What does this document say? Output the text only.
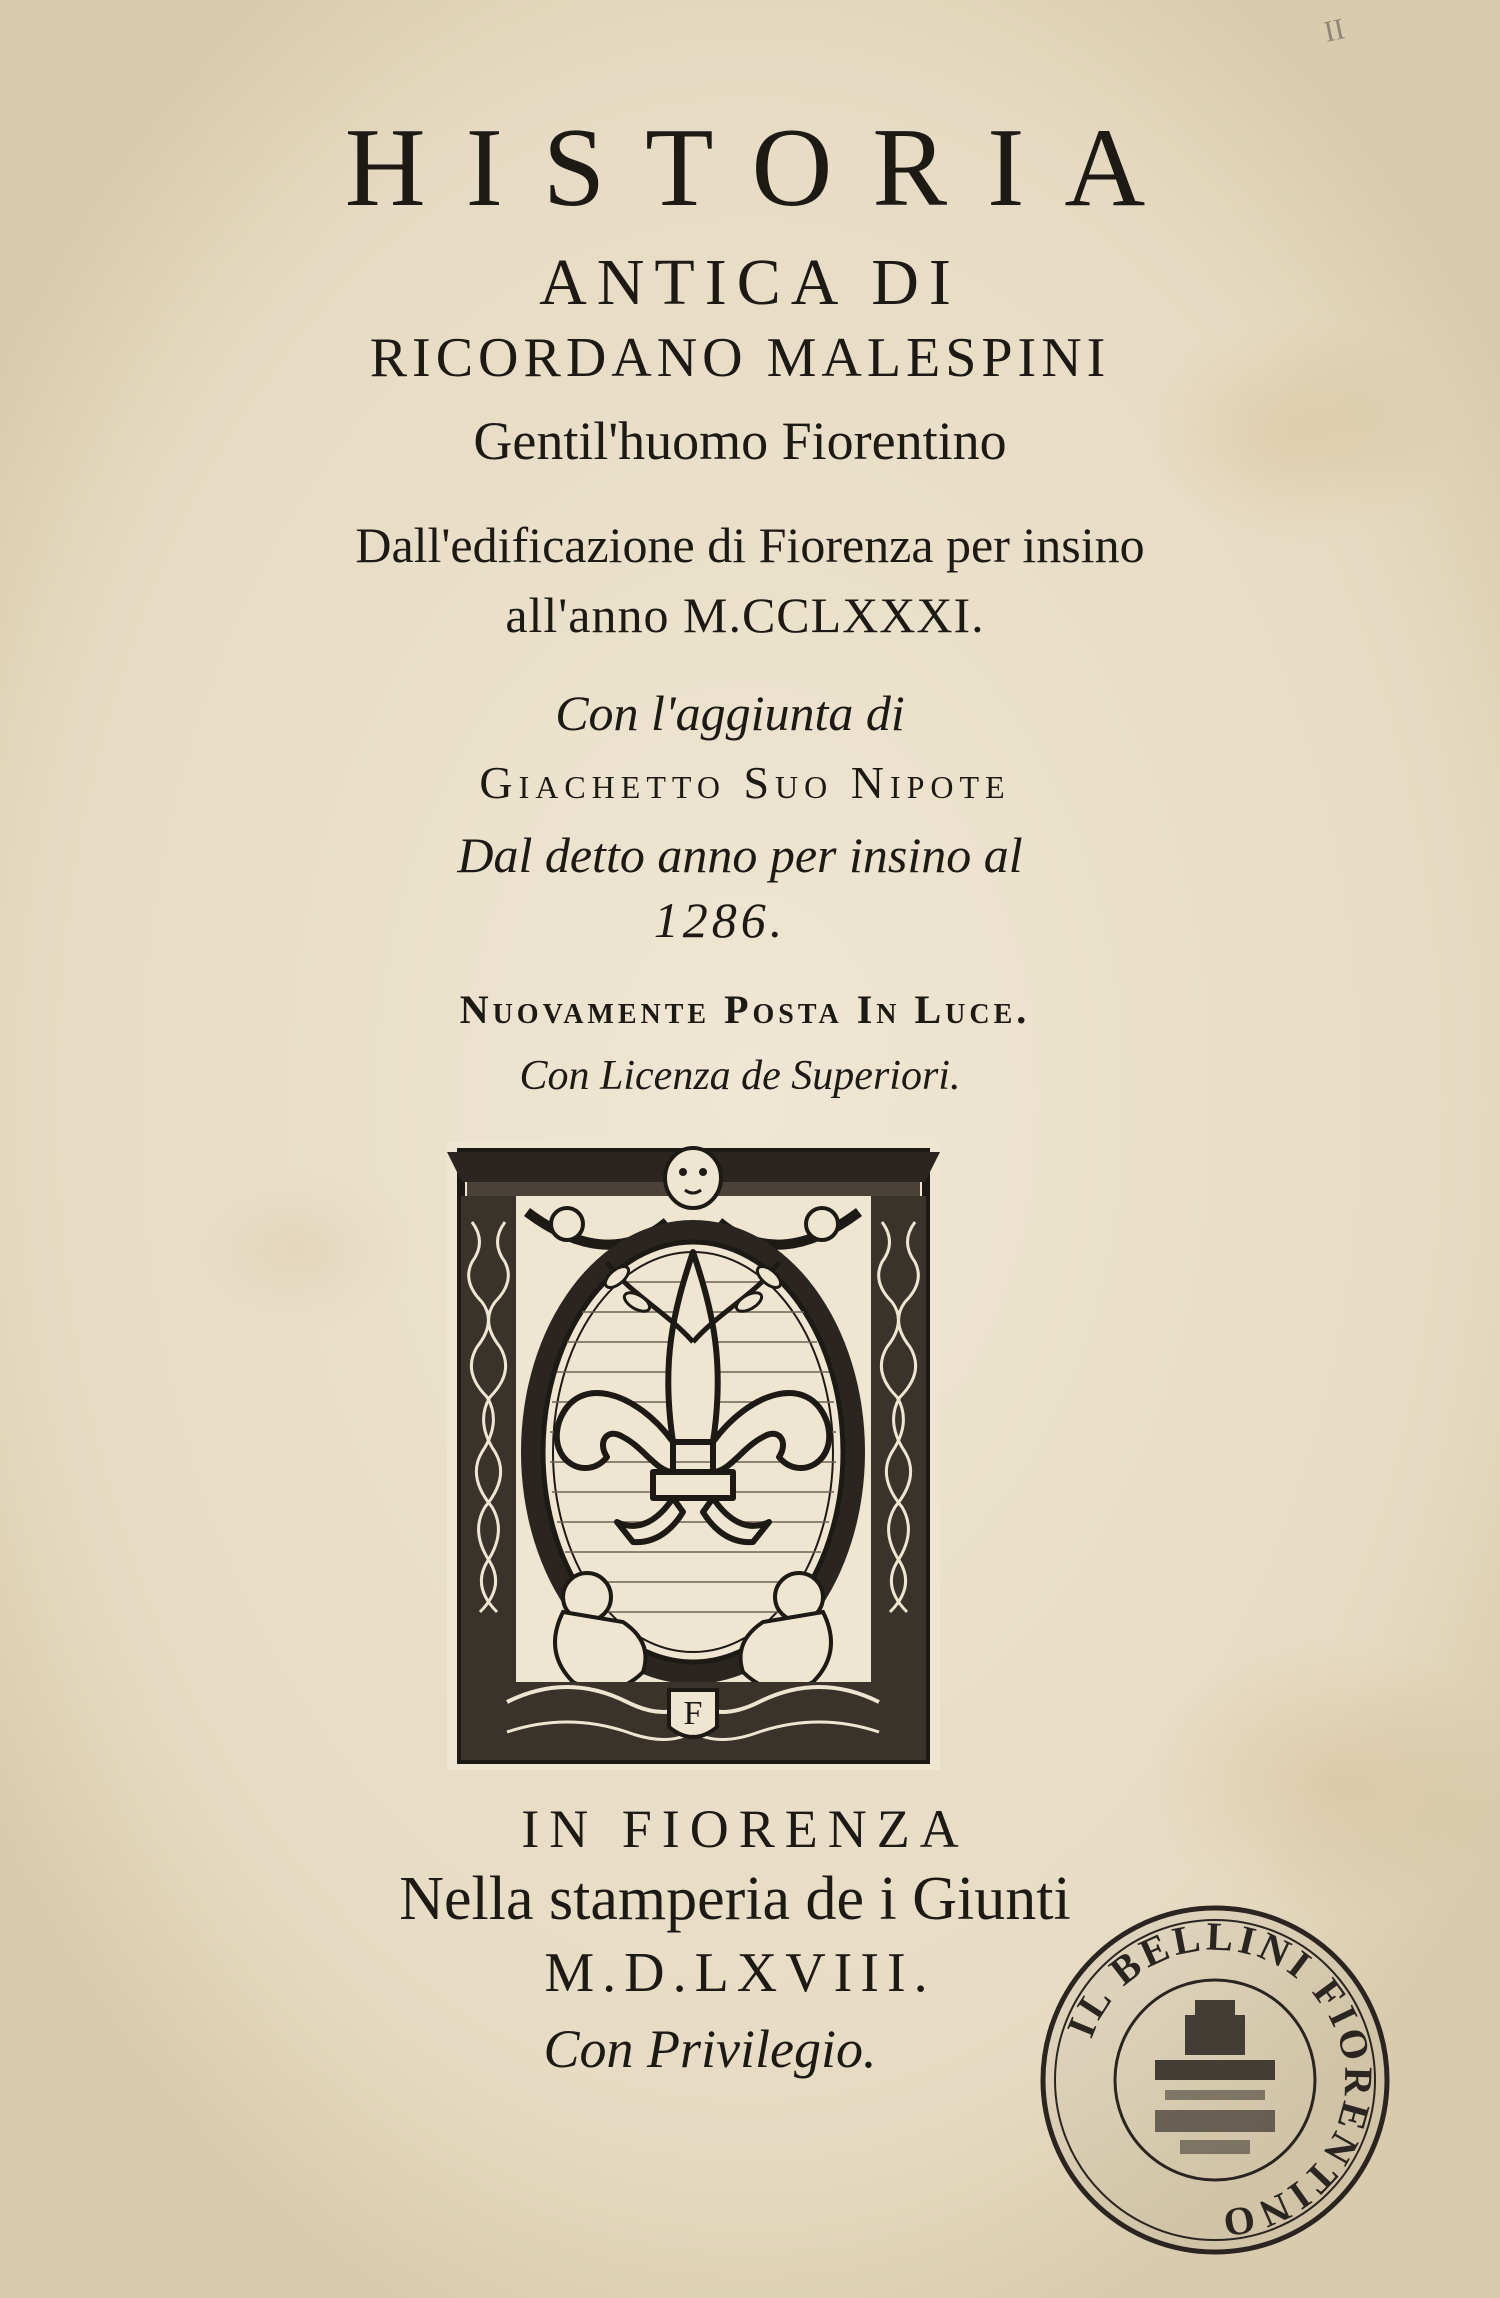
II

HISTORIA

ANTICA DI

RICORDANO MALESPINI

Gentil'huomo Fiorentino

Dall'edificazione di Fiorenza per insino

all'anno M.CCLXXXI.

Con l'aggiunta di

Giachetto Suo Nipote

Dal detto anno per insino al

1286.

Nuovamente Posta In Luce.

Con Licenza de Superiori.

F

IN FIORENZA

Nella stamperia de i Giunti

M.D.LXVIII.

Con Privilegio.	IL BELLINI FIORENTINO
